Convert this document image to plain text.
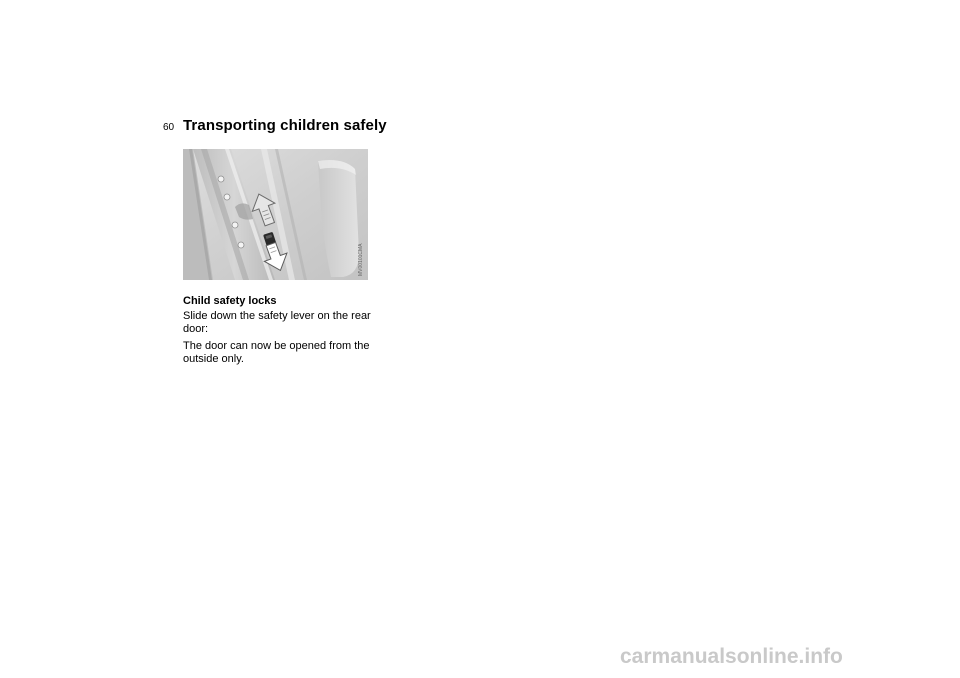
60 Transporting children safely
MV00101CMA
Child safety locks

Slide down the safety lever on the rear door:

The door can now be opened from the outside only.

carmanualsonline.info
